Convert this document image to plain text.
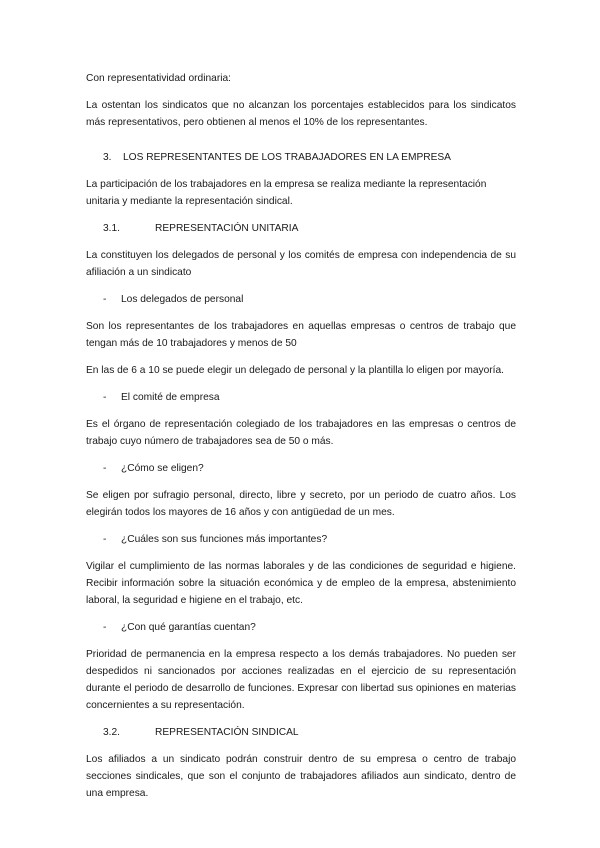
Con representatividad ordinaria:

La ostentan los sindicatos que no alcanzan los porcentajes establecidos para los sindicatos más representativos, pero obtienen al menos el 10% de los representantes.

3.	LOS REPRESENTANTES DE LOS TRABAJADORES EN LA EMPRESA

La participación de los trabajadores en la empresa se realiza mediante la representación unitaria y mediante la representación sindical.

3.1.	REPRESENTACIÓN UNITARIA

La constituyen los delegados de personal y los comités de empresa con independencia de su afiliación a un sindicato

-	Los delegados de personal

Son los representantes de los trabajadores en aquellas empresas o centros de trabajo que tengan más de 10 trabajadores y menos de 50

En las de 6 a 10 se puede elegir un delegado de personal y la plantilla lo eligen por mayoría.

-	El comité de empresa

Es el órgano de representación colegiado de los trabajadores en las empresas o centros de trabajo cuyo número de trabajadores sea de 50 o más.

-	¿Cómo se eligen?

Se eligen por sufragio personal, directo, libre y secreto, por un periodo de cuatro años. Los elegirán todos los mayores de 16 años y con antigüedad de un mes.

-	¿Cuáles son sus funciones más importantes?

Vigilar el cumplimiento de las normas laborales y de las condiciones de seguridad e higiene. Recibir información sobre la situación económica y de empleo de la empresa, abstenimiento laboral, la seguridad e higiene en el trabajo, etc.

-	¿Con qué garantías cuentan?

Prioridad de permanencia en la empresa respecto a los demás trabajadores. No pueden ser despedidos ni sancionados por acciones realizadas en el ejercicio de su representación durante el periodo de desarrollo de funciones. Expresar con libertad sus opiniones en materias concernientes a su representación.

3.2.	REPRESENTACIÓN SINDICAL

Los afiliados a un sindicato podrán construir dentro de su empresa o centro de trabajo secciones sindicales, que son el conjunto de trabajadores afiliados aun sindicato, dentro de una empresa.
